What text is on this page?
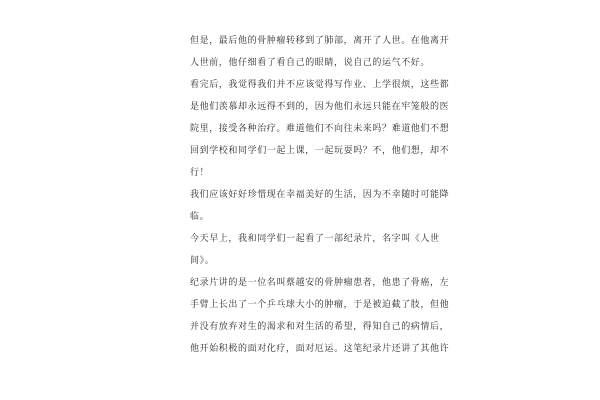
但是，最后他的骨肿瘤转移到了肺部，离开了人世。在他离开
人世前，他仔细看了看自己的眼睛，说自己的运气不好。
看完后，我觉得我们并不应该觉得写作业、上学很烦，这些都
是他们羡慕却永远得不到的，因为他们永远只能在牢笼般的医
院里，接受各种治疗。难道他们不向往未来吗？难道他们不想
回到学校和同学们一起上课，一起玩耍吗？不，他们想，却不
行！
我们应该好好珍惜现在幸福美好的生活，因为不幸随时可能降
临。
今天早上，我和同学们一起看了一部纪录片，名字叫《人世
间》。
纪录片讲的是一位名叫蔡越安的骨肿瘤患者，他患了骨癌，左
手臂上长出了一个乒乓球大小的肿瘤，于是被迫截了肢，但他
并没有放弃对生的渴求和对生活的希望，得知自己的病情后，
他开始积极的面对化疗，面对厄运。这笔纪录片还讲了其他许
